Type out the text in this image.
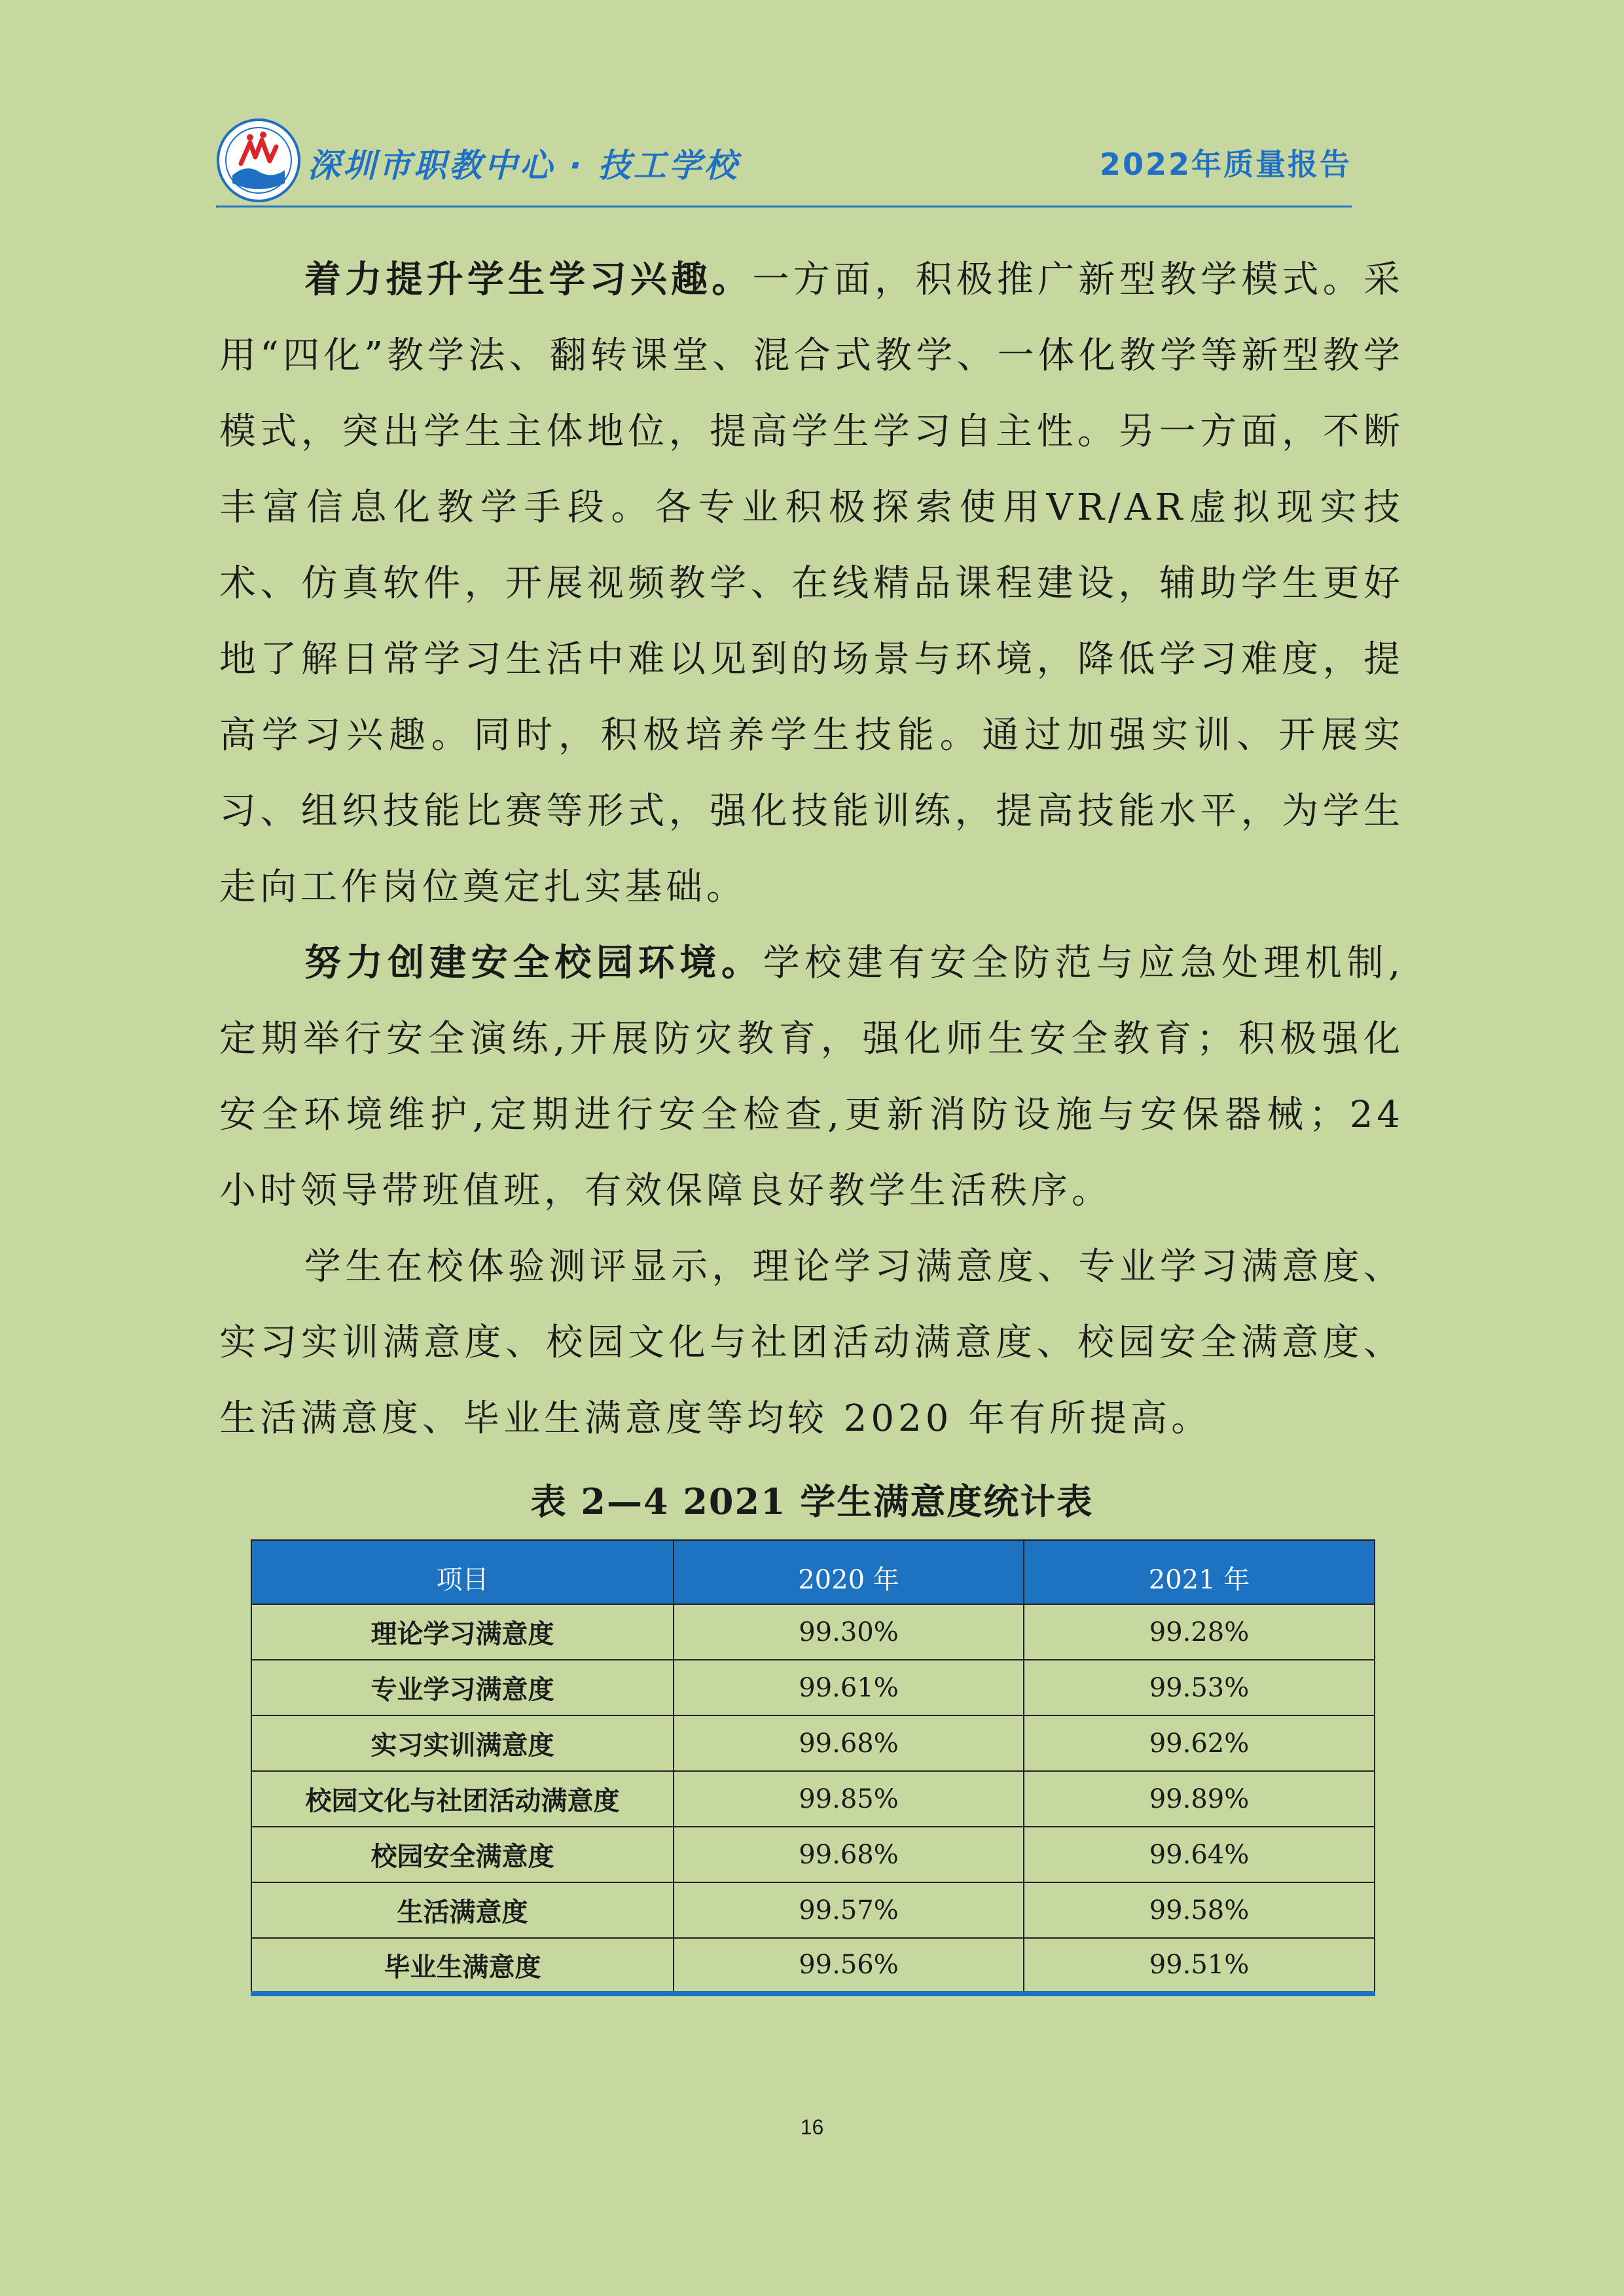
深圳市职教中心 · 技工学校	2022年质量报告

着力提升学生学习兴趣。一方面，积极推广新型教学模式。采用“四化”教学法、翻转课堂、混合式教学、一体化教学等新型教学模式，突出学生主体地位，提高学生学习自主性。另一方面，不断丰富信息化教学手段。各专业积极探索使用VR/AR虚拟现实技术、仿真软件，开展视频教学、在线精品课程建设，辅助学生更好地了解日常学习生活中难以见到的场景与环境，降低学习难度，提高学习兴趣。同时，积极培养学生技能。通过加强实训、开展实习、组织技能比赛等形式，强化技能训练，提高技能水平，为学生走向工作岗位奠定扎实基础。

努力创建安全校园环境。学校建有安全防范与应急处理机制,定期举行安全演练,开展防灾教育，强化师生安全教育；积极强化安全环境维护,定期进行安全检查,更新消防设施与安保器械；24 小时领导带班值班，有效保障良好教学生活秩序。

学生在校体验测评显示，理论学习满意度、专业学习满意度、实习实训满意度、校园文化与社团活动满意度、校园安全满意度、生活满意度、毕业生满意度等均较 2020 年有所提高。

表 2—4 2021 学生满意度统计表
项目	2020 年	2021 年
理论学习满意度	99.30%	99.28%
专业学习满意度	99.61%	99.53%
实习实训满意度	99.68%	99.62%
校园文化与社团活动满意度	99.85%	99.89%
校园安全满意度	99.68%	99.64%
生活满意度	99.57%	99.58%
毕业生满意度	99.56%	99.51%
16
